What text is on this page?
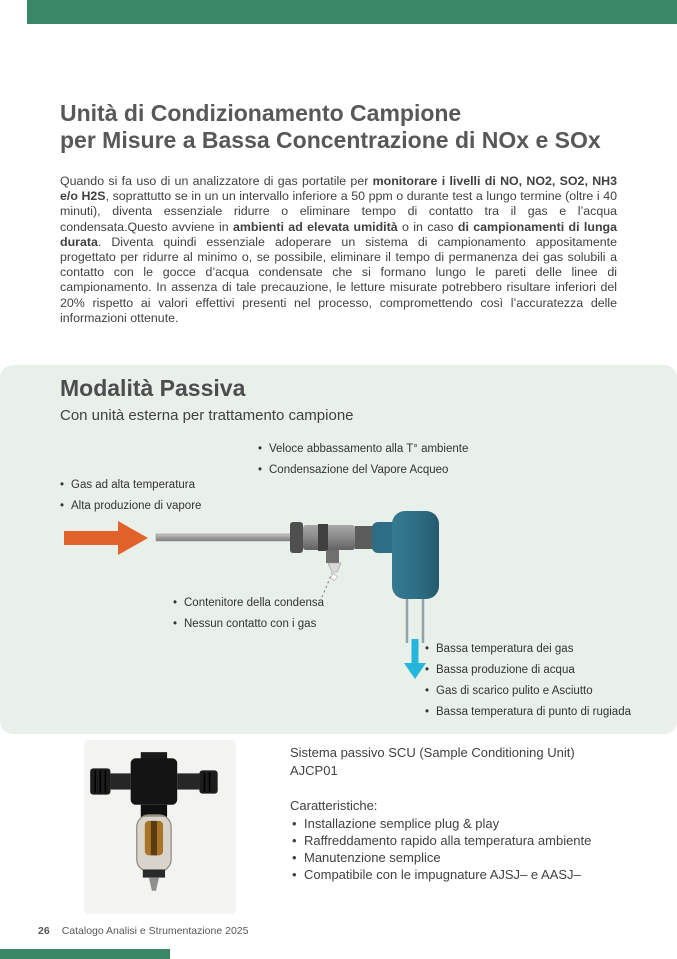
Unità di Condizionamento Campione
per Misure a Bassa Concentrazione di NOx e SOx

Quando si fa uso di un analizzatore di gas portatile per monitorare i livelli di NO, NO2, SO2, NH3 e/o H2S, soprattutto se in un un intervallo inferiore a 50 ppm o durante test a lungo termine (oltre i 40 minuti), diventa essenziale ridurre o eliminare tempo di contatto tra il gas e l’acqua condensata.Questo avviene in ambienti ad elevata umidità o in caso di campionamenti di lunga durata. Diventa quindi essenziale adoperare un sistema di campionamento appositamente progettato per ridurre al minimo o, se possibile, eliminare il tempo di permanenza dei gas solubili a contatto con le gocce d’acqua condensate che si formano lungo le pareti delle linee di campionamento. In assenza di tale precauzione, le letture misurate potrebbero risultare inferiori del 20% rispetto ai valori effettivi presenti nel processo, compromettendo così l’accuratezza delle informazioni ottenute.

Modalità Passiva

Con unità esterna per trattamento campione

• Veloce abbassamento alla T° ambiente
• Condensazione del Vapore Acqueo
• Gas ad alta temperatura
• Alta produzione di vapore
• Contenitore della condensa
• Nessun contatto con i gas
• Bassa temperatura dei gas
• Bassa produzione di acqua
• Gas di scarico pulito e Asciutto
• Bassa temperatura di punto di rugiada

Sistema passivo SCU (Sample Conditioning Unit)

AJCP01

Caratteristiche:

• Installazione semplice plug & play
• Raffreddamento rapido alla temperatura ambiente
• Manutenzione semplice
• Compatibile con le impugnature AJSJ– e AASJ–
26 Catalogo Analisi e Strumentazione 2025
